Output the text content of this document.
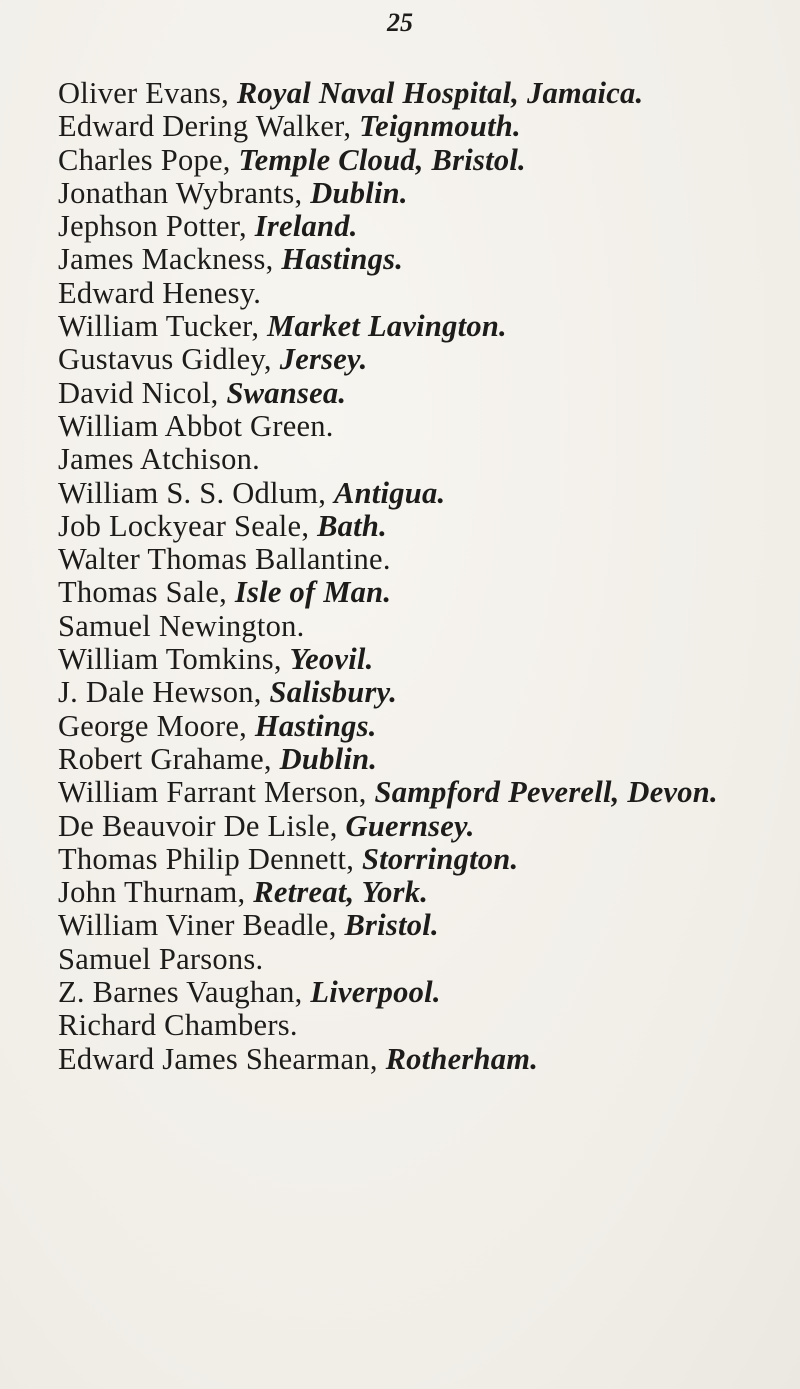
25
Oliver Evans, Royal Naval Hospital, Jamaica.
Edward Dering Walker, Teignmouth.
Charles Pope, Temple Cloud, Bristol.
Jonathan Wybrants, Dublin.
Jephson Potter, Ireland.
James Mackness, Hastings.
Edward Henesy.
William Tucker, Market Lavington.
Gustavus Gidley, Jersey.
David Nicol, Swansea.
William Abbot Green.
James Atchison.
William S. S. Odlum, Antigua.
Job Lockyear Seale, Bath.
Walter Thomas Ballantine.
Thomas Sale, Isle of Man.
Samuel Newington.
William Tomkins, Yeovil.
J. Dale Hewson, Salisbury.
George Moore, Hastings.
Robert Grahame, Dublin.
William Farrant Merson, Sampford Peverell, Devon.
De Beauvoir De Lisle, Guernsey.
Thomas Philip Dennett, Storrington.
John Thurnam, Retreat, York.
William Viner Beadle, Bristol.
Samuel Parsons.
Z. Barnes Vaughan, Liverpool.
Richard Chambers.
Edward James Shearman, Rotherham.
